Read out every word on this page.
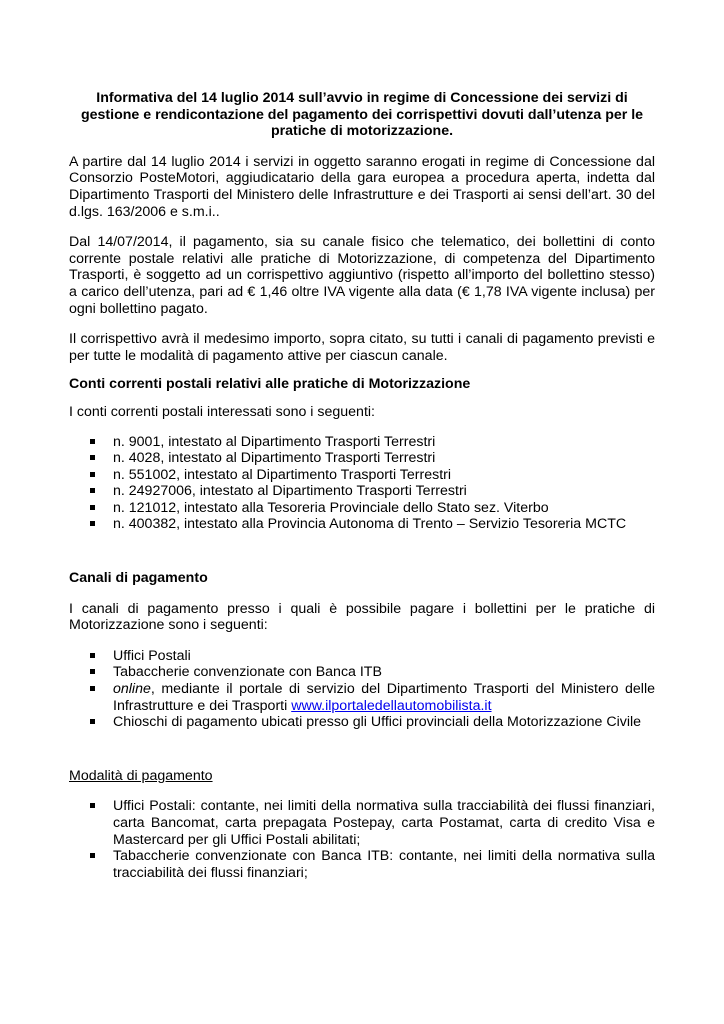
Informativa del 14 luglio 2014 sull’avvio in regime di Concessione dei servizi di gestione e rendicontazione del pagamento dei corrispettivi dovuti dall’utenza per le pratiche di motorizzazione.

A partire dal 14 luglio 2014 i servizi in oggetto saranno erogati in regime di Concessione dal Consorzio PosteMotori, aggiudicatario della gara europea a procedura aperta, indetta dal Dipartimento Trasporti del Ministero delle Infrastrutture e dei Trasporti ai sensi dell’art. 30 del d.lgs. 163/2006 e s.m.i..

Dal 14/07/2014, il pagamento, sia su canale fisico che telematico, dei bollettini di conto corrente postale relativi alle pratiche di Motorizzazione, di competenza del Dipartimento Trasporti, è soggetto ad un corrispettivo aggiuntivo (rispetto all’importo del bollettino stesso) a carico dell’utenza, pari ad € 1,46 oltre IVA vigente alla data (€ 1,78 IVA vigente inclusa) per ogni bollettino pagato.

Il corrispettivo avrà il medesimo importo, sopra citato, su tutti i canali di pagamento previsti e per tutte le modalità di pagamento attive per ciascun canale.

Conti correnti postali relativi alle pratiche di Motorizzazione

I conti correnti postali interessati sono i seguenti:

n. 9001, intestato al Dipartimento Trasporti Terrestri
n. 4028, intestato al Dipartimento Trasporti Terrestri
n. 551002, intestato al Dipartimento Trasporti Terrestri
n. 24927006, intestato al Dipartimento Trasporti Terrestri
n. 121012, intestato alla Tesoreria Provinciale dello Stato sez. Viterbo
n. 400382, intestato alla Provincia Autonoma di Trento – Servizio Tesoreria MCTC

Canali di pagamento

I canali di pagamento presso i quali è possibile pagare i bollettini per le pratiche di Motorizzazione sono i seguenti:

Uffici Postali
Tabaccherie convenzionate con Banca ITB
online, mediante il portale di servizio del Dipartimento Trasporti del Ministero delle Infrastrutture e dei Trasporti www.ilportaledellautomobilista.it
Chioschi di pagamento ubicati presso gli Uffici provinciali della Motorizzazione Civile

Modalità di pagamento

Uffici Postali: contante, nei limiti della normativa sulla tracciabilità dei flussi finanziari, carta Bancomat, carta prepagata Postepay, carta Postamat, carta di credito Visa e Mastercard per gli Uffici Postali abilitati;
Tabaccherie convenzionate con Banca ITB: contante, nei limiti della normativa sulla tracciabilità dei flussi finanziari;
